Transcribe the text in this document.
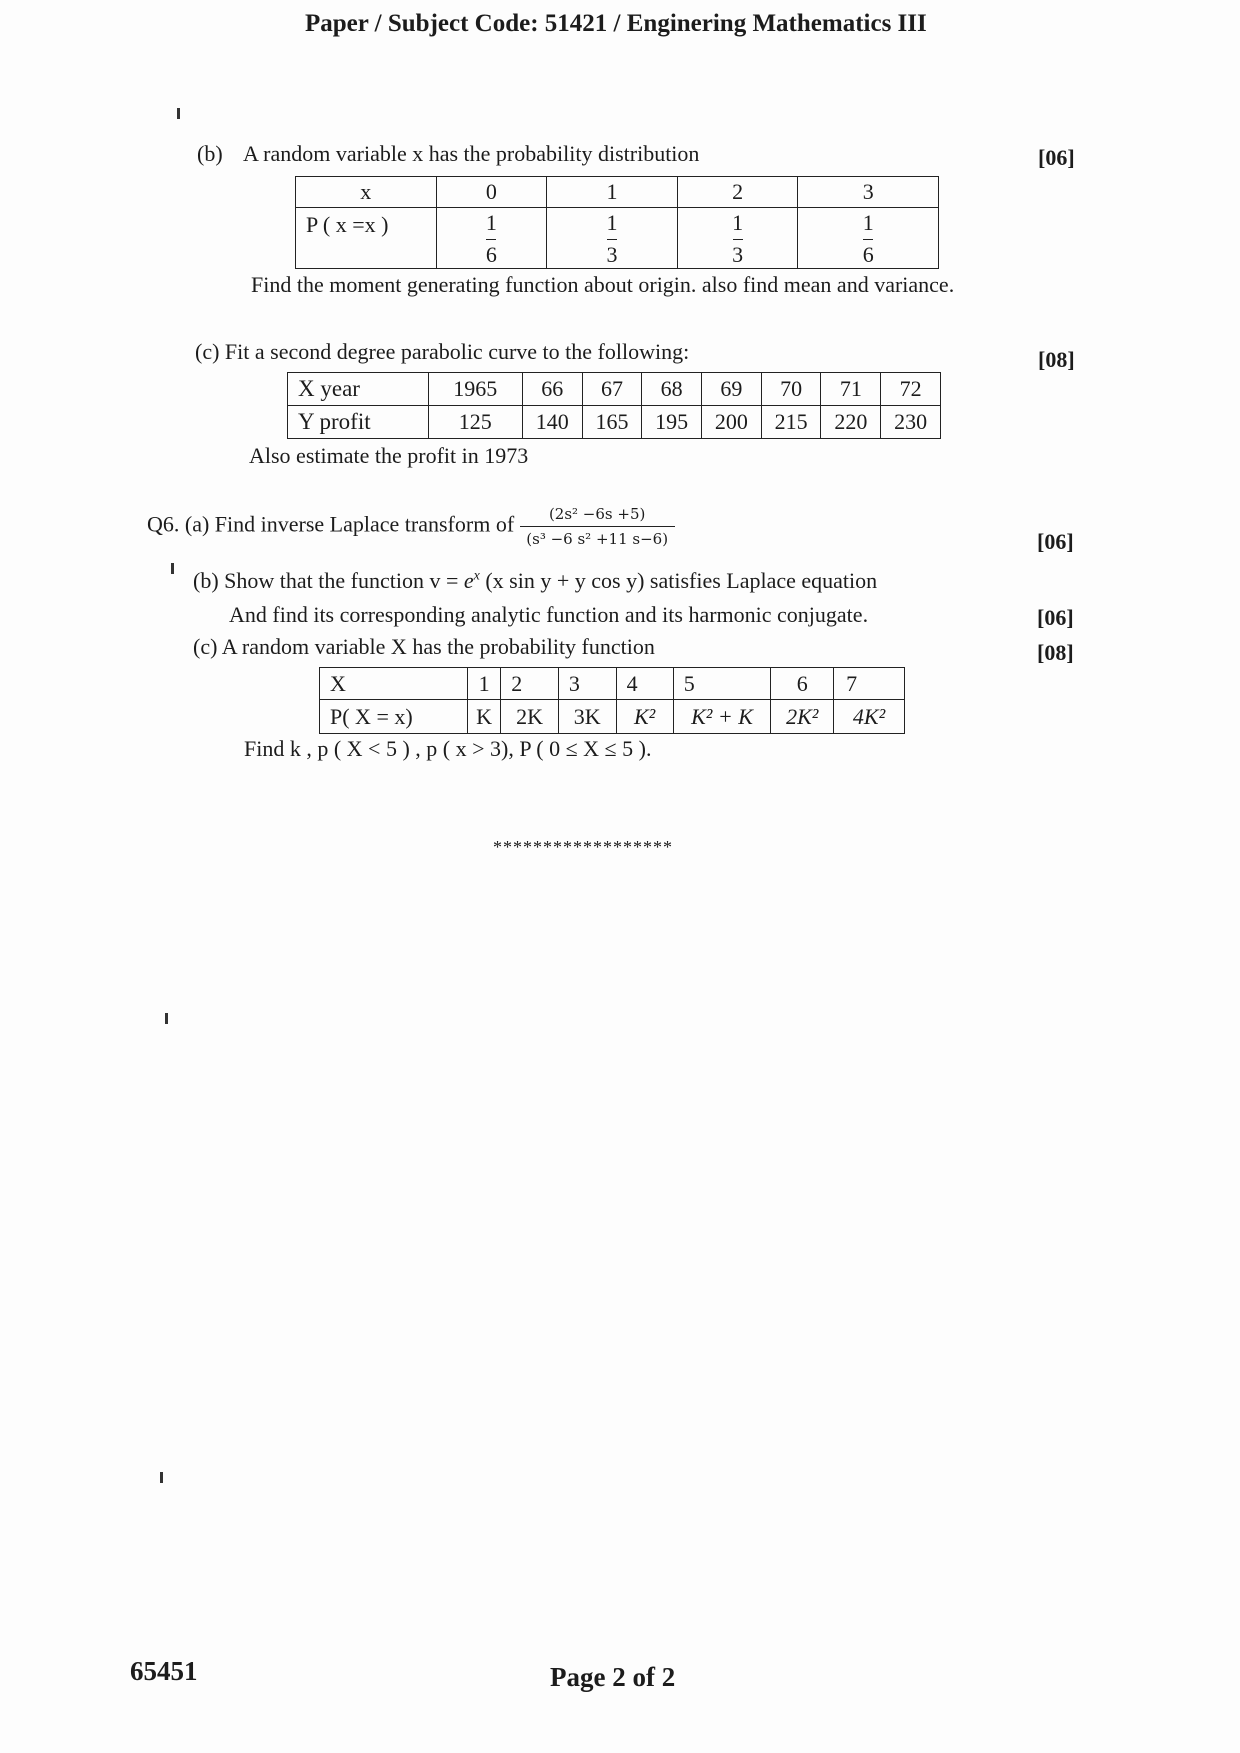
Paper / Subject Code: 51421 / Enginering Mathematics III
(b) A random variable x has the probability distribution	[06]
x	0	1	2	3
P ( x =x )	$\frac{1}{6}$	$\frac{1}{3}$	$\frac{1}{3}$	$\frac{1}{6}$
Find the moment generating function about origin. also find mean and variance.
(c) Fit a second degree parabolic curve to the following:	[08]
X year	1965	66	67	68	69	70	71	72
Y profit	125	140	165	195	200	215	220	230
Also estimate the profit in 1973
Q6. (a) Find inverse Laplace transform of $\frac{\text{(2s² −6s +5)}}{\text{(s³ −6 s² +11 s−6)}}$	[06]
(b) Show that the function $v = e^x$ (x sin y + y cos y) satisfies Laplace equation
And find its corresponding analytic function and its harmonic conjugate.	[06]
(c) A random variable X has the probability function	[08]
X	1	2	3	4	5	6	7
P( X = x)	K	2K	3K	K²	K² + K	2K²	4K²
Find k , p ( X < 5 ) , p ( x > 3), P ( 0 ≤ X ≤ 5 ).
******************
65451	Page 2 of 2
